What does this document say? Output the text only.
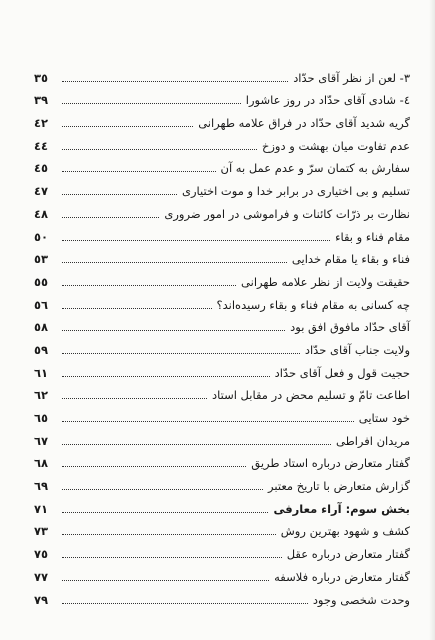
٣٥	٣- لعن از نظر آقای حدّاد
٣٩	٤- شادی آقای حدّاد در روز عاشورا
٤٢	گریه شدید آقای حدّاد در فراق علامه طهرانی
٤٤	عدم تفاوت میان بهشت و دوزخ
٤٥	سفارش به کتمان سرّ و عدم عمل به آن
٤٧	تسلیم و بی اختیاری در برابر خدا و موت اختیاری
٤٨	نظارت بر ذرّات کائنات و فراموشی در امور ضروری
٥٠	مقام فناء و بقاء
٥٣	فناء و بقاء یا مقام خدایی
٥٥	حقیقت ولایت از نظر علامه طهرانی
٥٦	چه کسانی به مقام فناء و بقاء رسیده‌اند؟
٥٨	آقای حدّاد مافوق افق بود
٥٩	ولایت جناب آقای حدّاد
٦١	حجیت قول و فعل آقای حدّاد
٦٢	اطاعت تامّ و تسلیم محض در مقابل استاد
٦٥	خود ستایی
٦٧	مریدان افراطی
٦٨	گفتار متعارض درباره استاد طریق
٦٩	گزارش متعارض با تاریخ معتبر
٧١	بخش سوم: آراء معارفی
٧٣	کشف و شهود بهترین روش
٧٥	گفتار متعارض درباره عقل
٧٧	گفتار متعارض درباره فلاسفه
٧٩	وحدت شخصی وجود
